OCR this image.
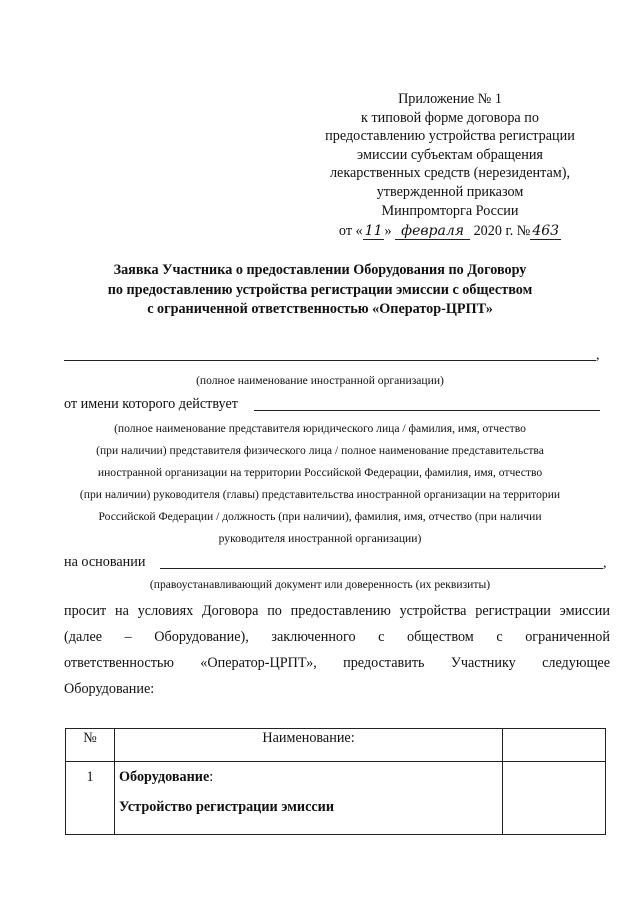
Приложение № 1
к типовой форме договора по
предоставлению устройства регистрации
эмиссии субъектам обращения
лекарственных средств (нерезидентам),
утвержденной приказом
Минпромторга России
от « 11 » февраля 2020 г. № 463
Заявка Участника о предоставлении Оборудования по Договору
по предоставлению устройства регистрации эмиссии с обществом
с ограниченной ответственностью «Оператор-ЦРПТ»
,
(полное наименование иностранной организации)
от имени которого действует
(полное наименование представителя юридического лица / фамилия, имя, отчество
(при наличии) представителя физического лица / полное наименование представительства
иностранной организации на территории Российской Федерации, фамилия, имя, отчество
(при наличии) руководителя (главы) представительства иностранной организации на территории
Российской Федерации / должность (при наличии), фамилия, имя, отчество (при наличии
руководителя иностранной организации)
на основании	,
(правоустанавливающий документ или доверенность (их реквизиты)
просит на условиях Договора по предоставлению устройства регистрации эмиссии
(далее – Оборудование), заключенного с обществом с ограниченной
ответственностью «Оператор-ЦРПТ», предоставить Участнику следующее
Оборудование:
№	Наименование:	
1	Оборудование:
Устройство регистрации эмиссии	
